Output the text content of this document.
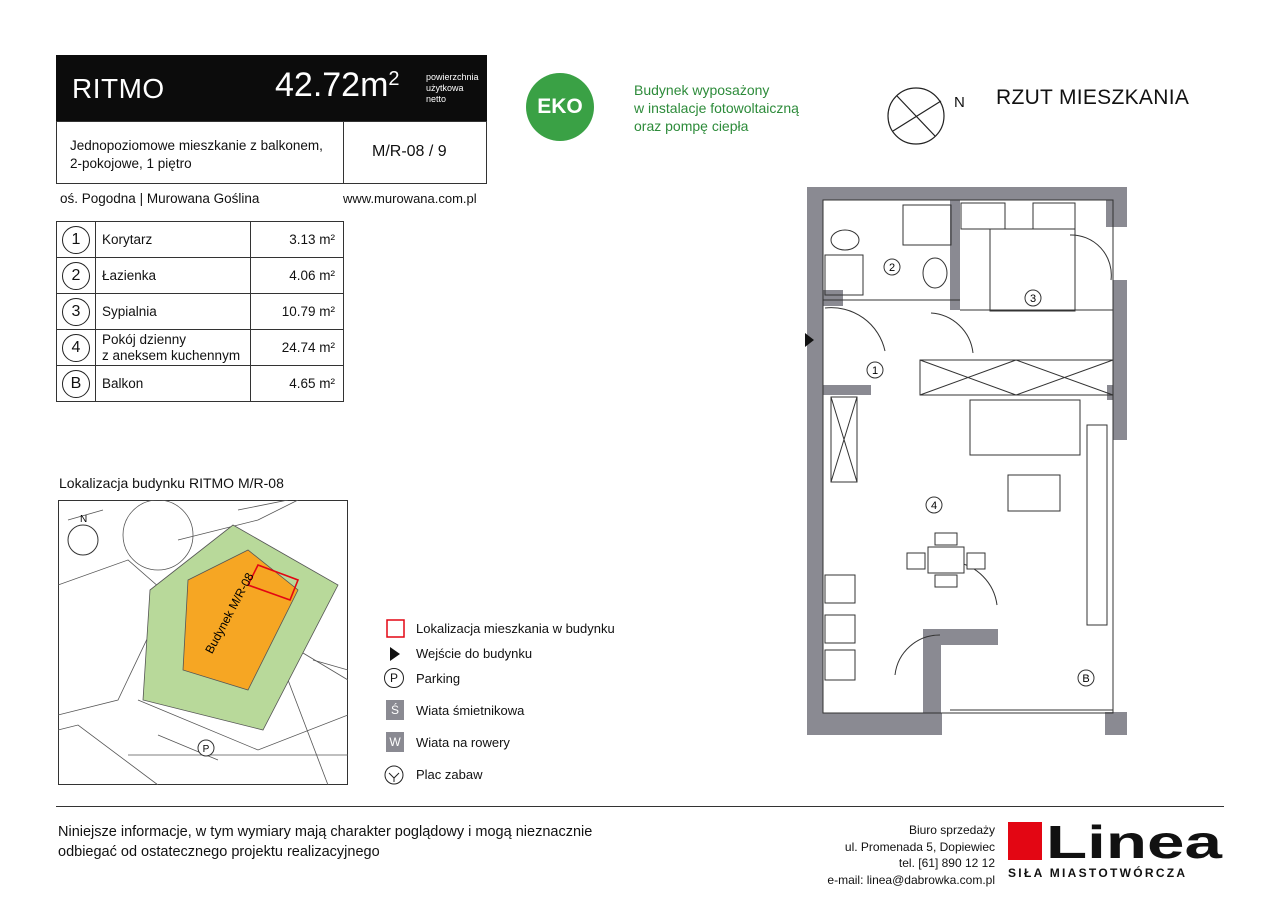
RITMO	$42.72m^2$	powierzchnia
użytkowa
netto
Jednopoziomowe mieszkanie z balkonem,
2-pokojowe, 1 piętro
M/R-08 / 9
oś. Pogodna | Murowana Goślina	www.murowana.com.pl
1	Korytarz	3.13 m²
2	Łazienka	4.06 m²
3	Sypialnia	10.79 m²
4	Pokój dzienny
z aneksem kuchennym	24.74 m²
B	Balkon	4.65 m²
EKO
Budynek wyposażony
w instalacje fotowoltaiczną
oraz pompę ciepła
N RZUT MIESZKANIA
2
3
1
4
B
Lokalizacja budynku RITMO M/R-08
Budynek M/R-08
N
P
P
Ś
W
Lokalizacja mieszkania w budynku
Wejście do budynku
Parking
Wiata śmietnikowa
Wiata na rowery
Plac zabaw
Niniejsze informacje, w tym wymiary mają charakter poglądowy i mogą nieznacznie
odbiegać od ostatecznego projektu realizacyjnego
Biuro sprzedaży
ul. Promenada 5, Dopiewiec
tel. [61] 890 12 12
e-mail: linea@dabrowka.com.pl
Linea
SIŁA MIASTOTWÓRCZA
